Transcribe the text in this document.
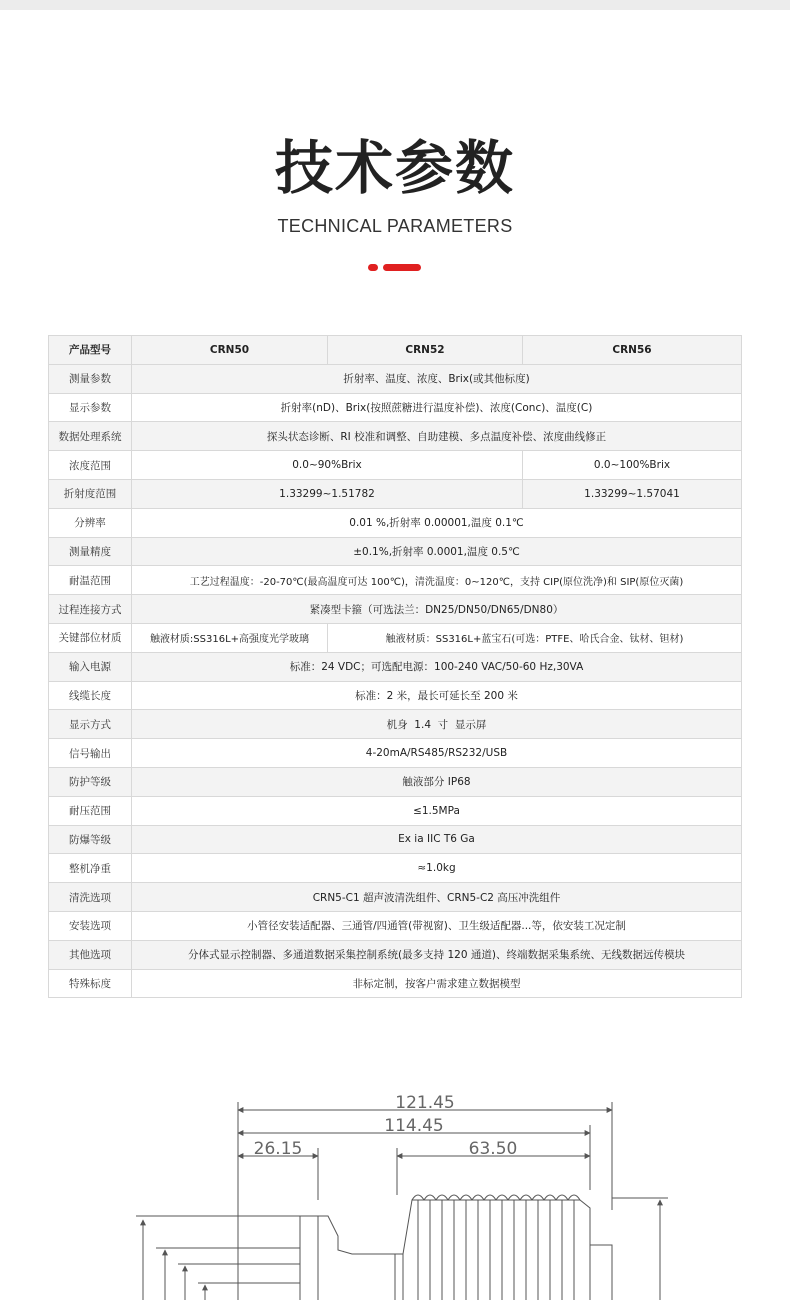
技术参数
TECHNICAL PARAMETERS
产品型号	CRN50	CRN52	CRN56
测量参数	折射率、温度、浓度、Brix(或其他标度)		
显示参数	折射率(nD)、Brix(按照蔗糖进行温度补偿)、浓度(Conc)、温度(C)		
数据处理系统	探头状态诊断、RI 校准和调整、自助建模、多点温度补偿、浓度曲线修正		
浓度范围	0.0~90%Brix		0.0~100%Brix
折射度范围	1.33299~1.51782		1.33299~1.57041
分辨率	0.01 %,折射率 0.00001,温度 0.1℃		
测量精度	±0.1%,折射率 0.0001,温度 0.5℃		
耐温范围	工艺过程温度：-20-70℃(最高温度可达 100℃)，清洗温度：0~120℃，支持 CIP(原位洗净)和 SIP(原位灭菌)		
过程连接方式	紧凑型卡箍（可选法兰：DN25/DN50/DN65/DN80）		
关键部位材质	触液材质:SS316L+高强度光学玻璃	触液材质：SS316L+蓝宝石(可选：PTFE、哈氏合金、钛材、钽材)	
输入电源	标准：24 VDC；可选配电源：100-240 VAC/50-60 Hz,30VA		
线缆长度	标准：2 米，最长可延长至 200 米		
显示方式	机身  1.4  寸  显示屏		
信号输出	4-20mA/RS485/RS232/USB		
防护等级	触液部分 IP68		
耐压范围	≤1.5MPa		
防爆等级	Ex ia IIC T6 Ga		
整机净重	≈1.0kg		
清洗选项	CRN5-C1 超声波清洗组件、CRN5-C2 高压冲洗组件		
安装选项	小管径安装适配器、三通管/四通管(带视窗)、卫生级适配器...等，依安装工况定制		
其他选项	分体式显示控制器、多通道数据采集控制系统(最多支持 120 通道)、终端数据采集系统、无线数据远传模块		
特殊标度	非标定制，按客户需求建立数据模型		
121.45
114.45
26.15	63.50
